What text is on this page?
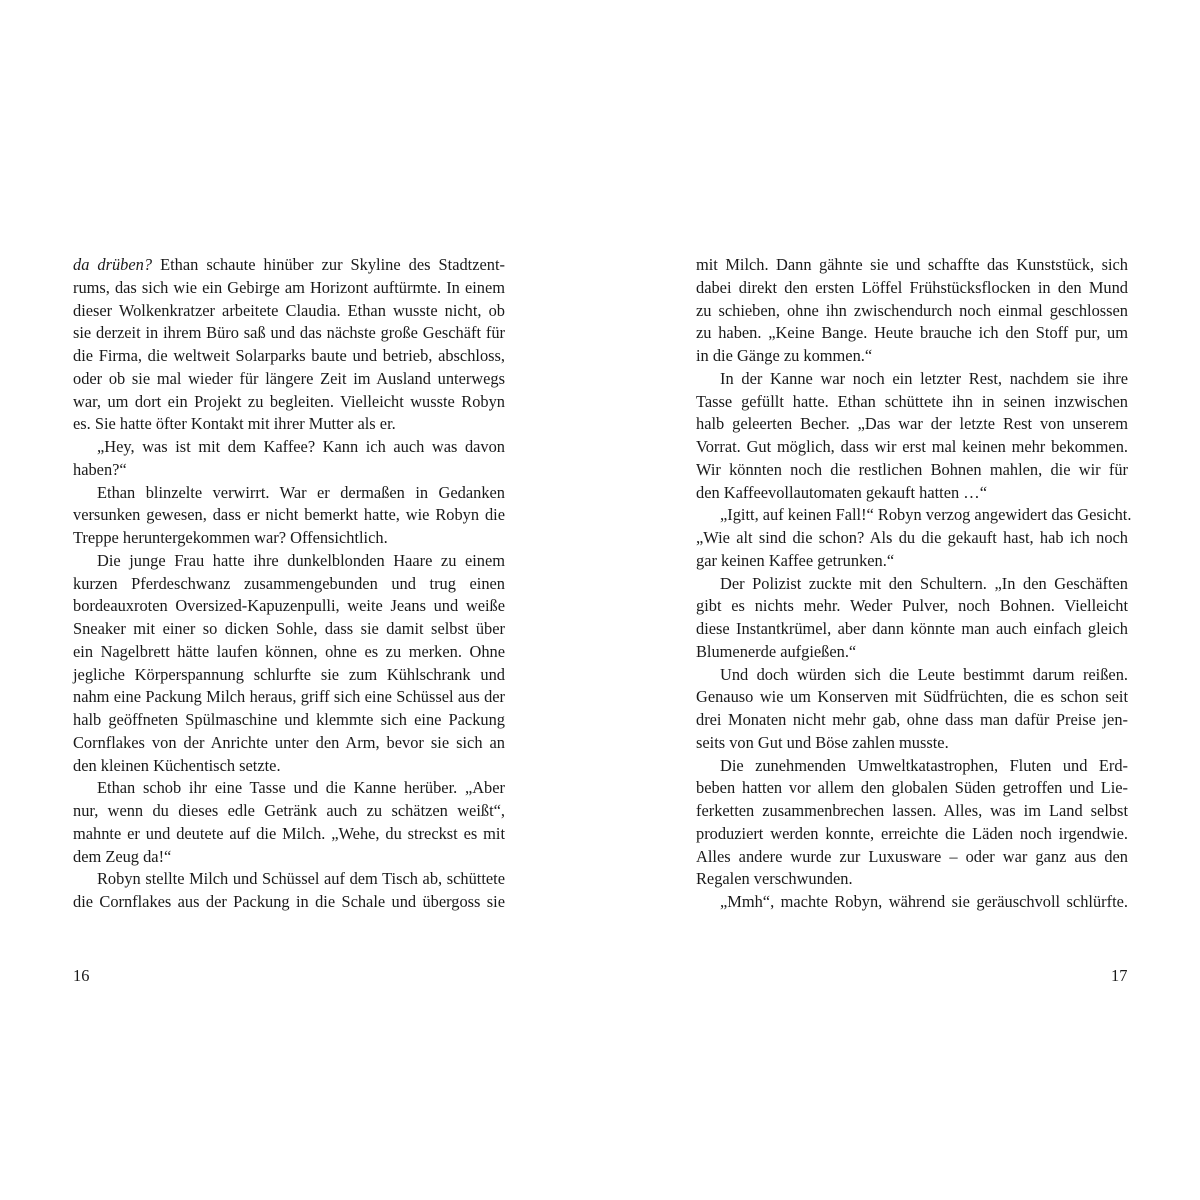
da drüben? Ethan schaute hinüber zur Skyline des Stadtzent-
rums, das sich wie ein Gebirge am Horizont auftürmte. In einem
dieser Wolkenkratzer arbeitete Claudia. Ethan wusste nicht, ob
sie derzeit in ihrem Büro saß und das nächste große Geschäft für
die Firma, die weltweit Solarparks baute und betrieb, abschloss,
oder ob sie mal wieder für längere Zeit im Ausland unterwegs
war, um dort ein Projekt zu begleiten. Vielleicht wusste Robyn
es. Sie hatte öfter Kontakt mit ihrer Mutter als er.
„Hey, was ist mit dem Kaffee? Kann ich auch was davon
haben?“
Ethan blinzelte verwirrt. War er dermaßen in Gedanken
versunken gewesen, dass er nicht bemerkt hatte, wie Robyn die
Treppe heruntergekommen war? Offensichtlich.
Die junge Frau hatte ihre dunkelblonden Haare zu einem
kurzen Pferdeschwanz zusammengebunden und trug einen
bordeauxroten Oversized-Kapuzenpulli, weite Jeans und weiße
Sneaker mit einer so dicken Sohle, dass sie damit selbst über
ein Nagelbrett hätte laufen können, ohne es zu merken. Ohne
jegliche Körperspannung schlurfte sie zum Kühlschrank und
nahm eine Packung Milch heraus, griff sich eine Schüssel aus der
halb geöffneten Spülmaschine und klemmte sich eine Packung
Cornflakes von der Anrichte unter den Arm, bevor sie sich an
den kleinen Küchentisch setzte.
Ethan schob ihr eine Tasse und die Kanne herüber. „Aber
nur, wenn du dieses edle Getränk auch zu schätzen weißt“,
mahnte er und deutete auf die Milch. „Wehe, du streckst es mit
dem Zeug da!“
Robyn stellte Milch und Schüssel auf dem Tisch ab, schüttete
die Cornflakes aus der Packung in die Schale und übergoss sie
16
mit Milch. Dann gähnte sie und schaffte das Kunststück, sich
dabei direkt den ersten Löffel Frühstücksflocken in den Mund
zu schieben, ohne ihn zwischendurch noch einmal geschlossen
zu haben. „Keine Bange. Heute brauche ich den Stoff pur, um
in die Gänge zu kommen.“
In der Kanne war noch ein letzter Rest, nachdem sie ihre
Tasse gefüllt hatte. Ethan schüttete ihn in seinen inzwischen
halb geleerten Becher. „Das war der letzte Rest von unserem
Vorrat. Gut möglich, dass wir erst mal keinen mehr bekommen.
Wir könnten noch die restlichen Bohnen mahlen, die wir für
den Kaffeevollautomaten gekauft hatten …“
„Igitt, auf keinen Fall!“ Robyn verzog angewidert das Gesicht.
„Wie alt sind die schon? Als du die gekauft hast, hab ich noch
gar keinen Kaffee getrunken.“
Der Polizist zuckte mit den Schultern. „In den Geschäften
gibt es nichts mehr. Weder Pulver, noch Bohnen. Vielleicht
diese Instantkrümel, aber dann könnte man auch einfach gleich
Blumenerde aufgießen.“
Und doch würden sich die Leute bestimmt darum reißen.
Genauso wie um Konserven mit Südfrüchten, die es schon seit
drei Monaten nicht mehr gab, ohne dass man dafür Preise jen-
seits von Gut und Böse zahlen musste.
Die zunehmenden Umweltkatastrophen, Fluten und Erd-
beben hatten vor allem den globalen Süden getroffen und Lie-
ferketten zusammenbrechen lassen. Alles, was im Land selbst
produziert werden konnte, erreichte die Läden noch irgendwie.
Alles andere wurde zur Luxusware – oder war ganz aus den
Regalen verschwunden.
„Mmh“, machte Robyn, während sie geräuschvoll schlürfte.
17
